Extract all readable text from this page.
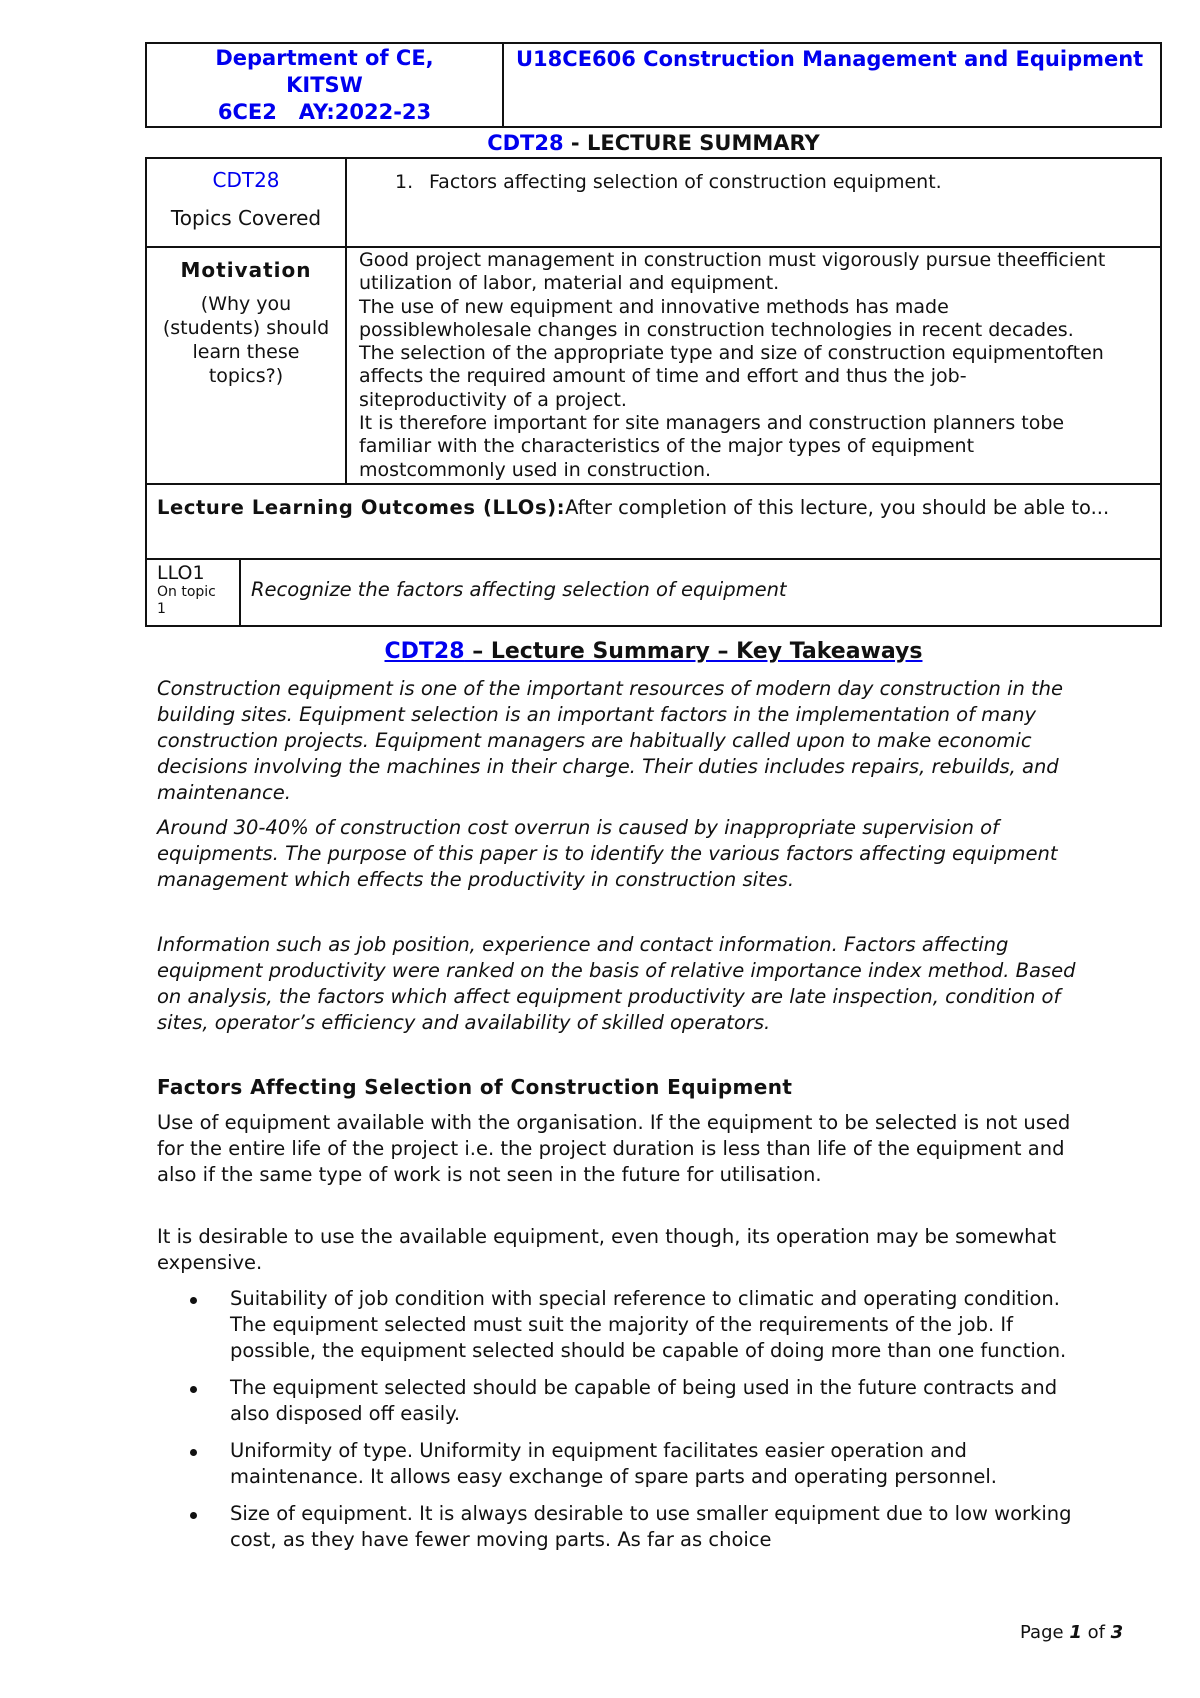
Department of CE,
KITSW
6CE2   AY:2022-23
U18CE606 Construction Management and Equipment
CDT28 - LECTURE SUMMARY
CDT28
Topics Covered
1. Factors affecting selection of construction equipment.
Motivation
(Why you
(students) should
learn these
topics?)
Good project management in construction must vigorously pursue theefficient
utilization of labor, material and equipment.
The use of new equipment and innovative methods has made
possiblewholesale changes in construction technologies in recent decades.
The selection of the appropriate type and size of construction equipmentoften
affects the required amount of time and effort and thus the job-
siteproductivity of a project.
It is therefore important for site managers and construction planners tobe
familiar with the characteristics of the major types of equipment
mostcommonly used in construction.
Lecture Learning Outcomes (LLOs):After completion of this lecture, you should be able to...
LLO1
On topic
1
Recognize the factors affecting selection of equipment
CDT28 – Lecture Summary – Key Takeaways

Construction equipment is one of the important resources of modern day construction in the building sites. Equipment selection is an important factors in the implementation of many construction projects. Equipment managers are habitually called upon to make economic decisions involving the machines in their charge. Their duties includes repairs, rebuilds, and maintenance.

Around 30-40% of construction cost overrun is caused by inappropriate supervision of equipments. The purpose of this paper is to identify the various factors affecting equipment management which effects the productivity in construction sites.

Information such as job position, experience and contact information. Factors affecting equipment productivity were ranked on the basis of relative importance index method. Based on analysis, the factors which affect equipment productivity are late inspection, condition of sites, operator’s efficiency and availability of skilled operators.

Factors Affecting Selection of Construction Equipment

Use of equipment available with the organisation. If the equipment to be selected is not used for the entire life of the project i.e. the project duration is less than life of the equipment and also if the same type of work is not seen in the future for utilisation.

It is desirable to use the available equipment, even though, its operation may be somewhat expensive.

Suitability of job condition with special reference to climatic and operating condition. The equipment selected must suit the majority of the requirements of the job. If possible, the equipment selected should be capable of doing more than one function.
The equipment selected should be capable of being used in the future contracts and also disposed off easily.
Uniformity of type. Uniformity in equipment facilitates easier operation and maintenance. It allows easy exchange of spare parts and operating personnel.
Size of equipment. It is always desirable to use smaller equipment due to low working cost, as they have fewer moving parts. As far as choice
Page 1 of 3
